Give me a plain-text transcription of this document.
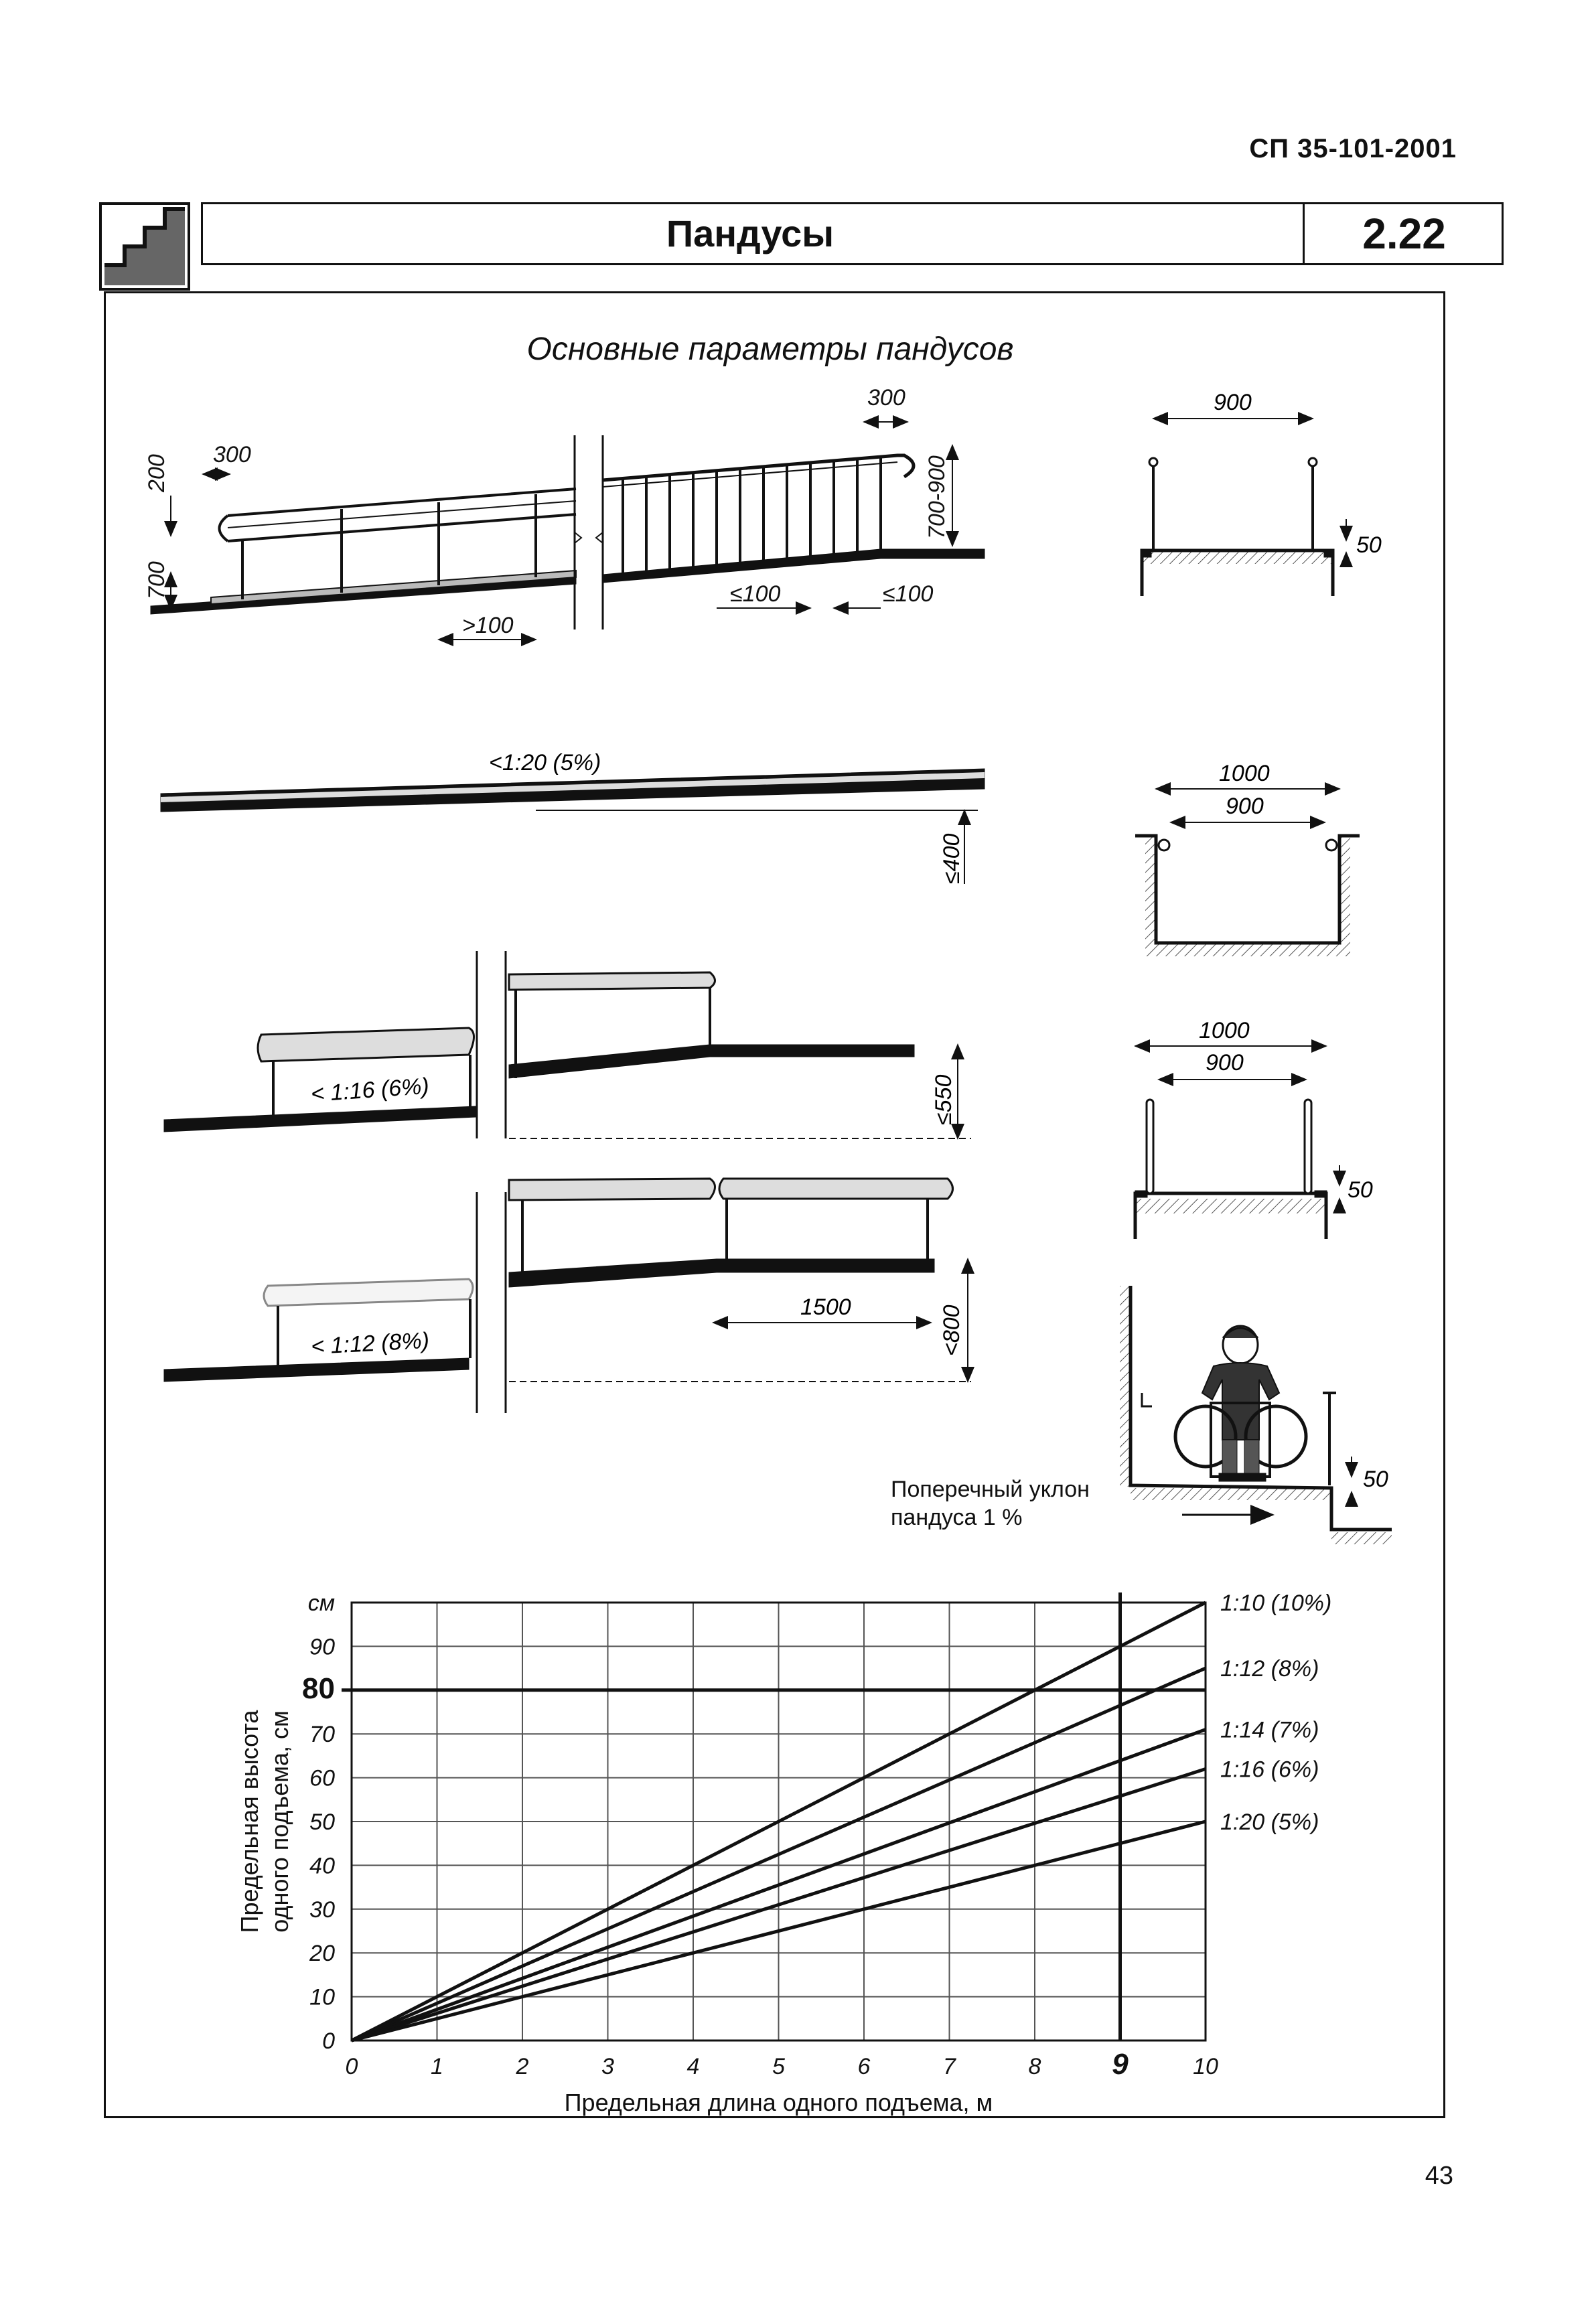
СП 35-101-2001
Пандусы	2.22
Основные параметры пандусов
300
300
200
700
700-900
>100
≤100	≤100
900
50
<1:20 (5%)
≤400
1000
900
< 1:16 (6%)	≤550
1000
900
50
< 1:12 (8%)
1500	<800
50
1:10 (10%)
1:12 (8%)
1:14 (7%)
1:16 (6%)
1:20 (5%)
0
10
20
30
40
50
60
70
80
90
см
0	1	2	3	4	5	6	7	8 9	10
Предельная длина одного подъема, м
Предельная высота одного подъема, см
Поперечный уклон
пандуса 1 %
43
